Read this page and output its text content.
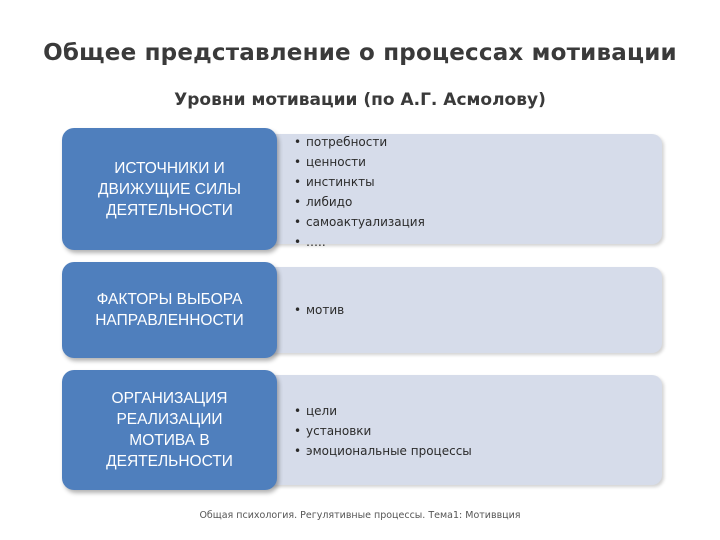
Общее представление о процессах мотивации
Уровни мотивации (по А.Г. Асмолову)
ИСТОЧНИКИ И
ДВИЖУЩИЕ СИЛЫ
ДЕЯТЕЛЬНОСТИ
• потребности
• ценности
• инстинкты
• либидо
• самоактуализация
• …..
ФАКТОРЫ ВЫБОРА
НАПРАВЛЕННОСТИ
• мотив
ОРГАНИЗАЦИЯ
РЕАЛИЗАЦИИ
МОТИВА В
ДЕЯТЕЛЬНОСТИ
• цели
• установки
• эмоциональные процессы
Общая психология. Регулятивные процессы. Тема1: Мотиввция
